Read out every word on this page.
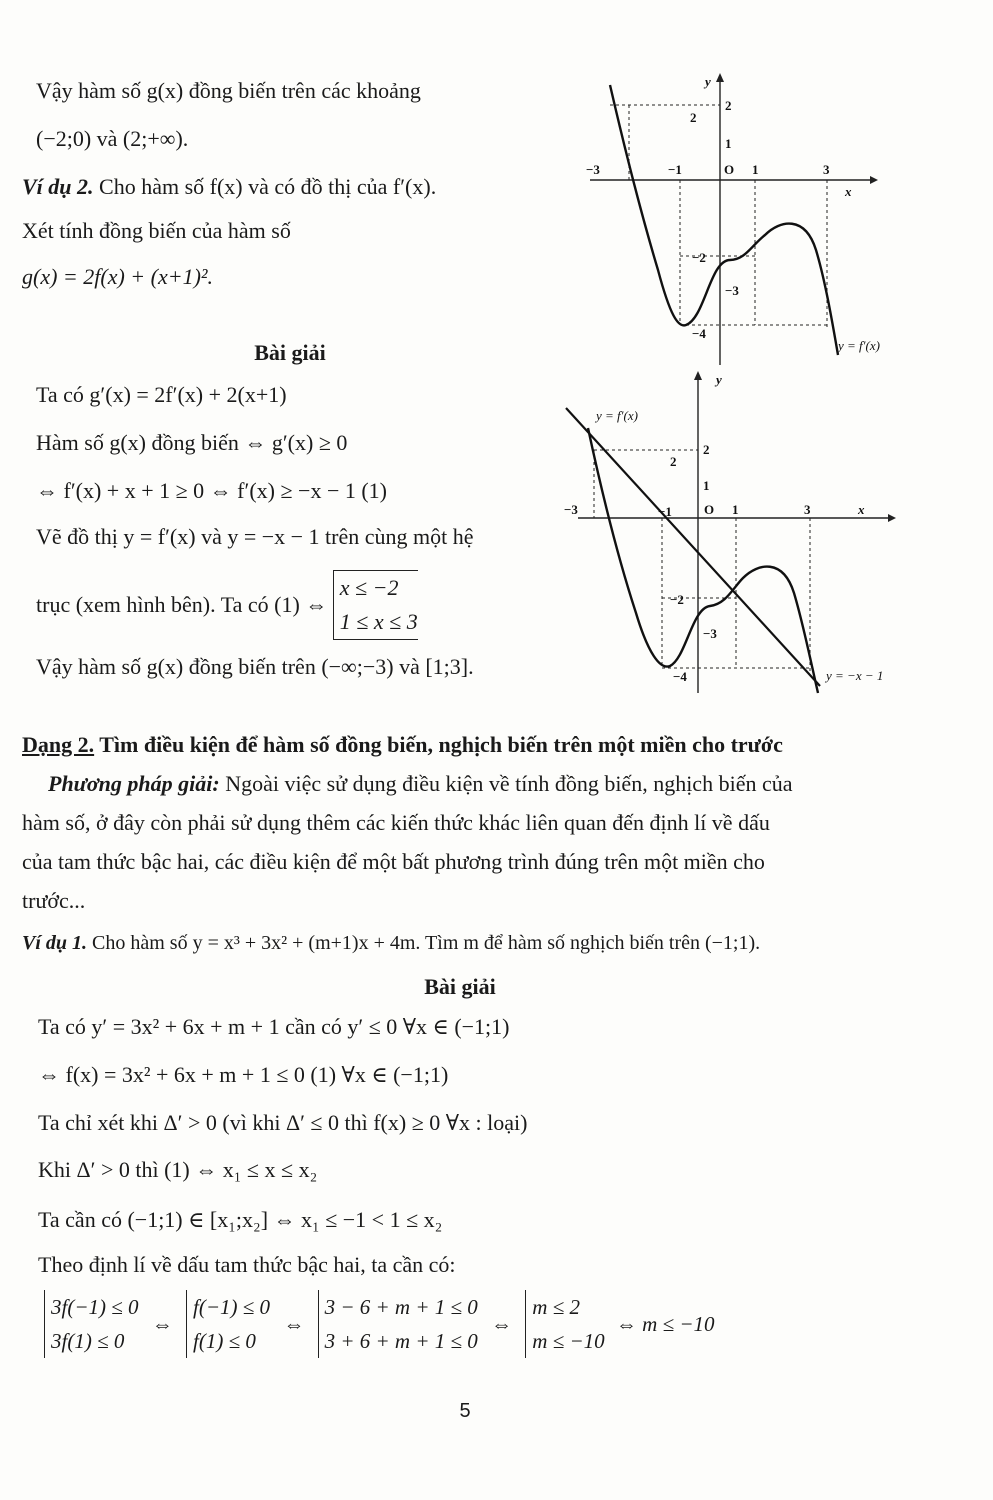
Vậy hàm số g(x) đồng biến trên các khoảng
(−2;0) và (2;+∞).
Ví dụ 2. Cho hàm số f(x) và có đồ thị của f′(x).
Xét tính đồng biến của hàm số
g(x) = 2f(x) + (x+1)².
Bài giải
Ta có g′(x) = 2f′(x) + 2(x+1)
Hàm số g(x) đồng biến ⇔ g′(x) ≥ 0
⇔ f′(x) + x + 1 ≥ 0 ⇔ f′(x) ≥ −x − 1 (1)
Vẽ đồ thị y = f′(x) và y = −x − 1 trên cùng một hệ
trục (xem hình bên). Ta có (1) ⇔ x ≤ −2
1 ≤ x ≤ 3
Vậy hàm số g(x) đồng biến trên (−∞;−3) và [1;3].
y
x
O
−3	−1	1	3
2
1
−2
−3
−4
2
y = f′(x)
y
x
O
−3	−1	1	3
2
1
−2
−3
−4
2
y = f′(x)
y = −x − 1
Dạng 2. Tìm điều kiện để hàm số đồng biến, nghịch biến trên một miền cho trước
Phương pháp giải: Ngoài việc sử dụng điều kiện về tính đồng biến, nghịch biến của
hàm số, ở đây còn phải sử dụng thêm các kiến thức khác liên quan đến định lí về dấu
của tam thức bậc hai, các điều kiện để một bất phương trình đúng trên một miền cho
trước...
Ví dụ 1. Cho hàm số y = x³ + 3x² + (m+1)x + 4m. Tìm m để hàm số nghịch biến trên (−1;1).
Bài giải
Ta có y′ = 3x² + 6x + m + 1 cần có y′ ≤ 0 ∀x ∈ (−1;1)
⇔ f(x) = 3x² + 6x + m + 1 ≤ 0 (1) ∀x ∈ (−1;1)
Ta chỉ xét khi Δ′ > 0 (vì khi Δ′ ≤ 0 thì f(x) ≥ 0 ∀x : loại)
Khi Δ′ > 0 thì (1) ⇔ x₁ ≤ x ≤ x₂
Ta cần có (−1;1) ∈ [x₁;x₂] ⇔ x₁ ≤ −1 < 1 ≤ x₂
Theo định lí về dấu tam thức bậc hai, ta cần có:
3f(−1) ≤ 0
3f(1) ≤ 0 ⇔ f(−1) ≤ 0
f(1) ≤ 0 ⇔ 3 − 6 + m + 1 ≤ 0
3 + 6 + m + 1 ≤ 0 ⇔ m ≤ 2
m ≤ −10 ⇔ m ≤ −10
5
